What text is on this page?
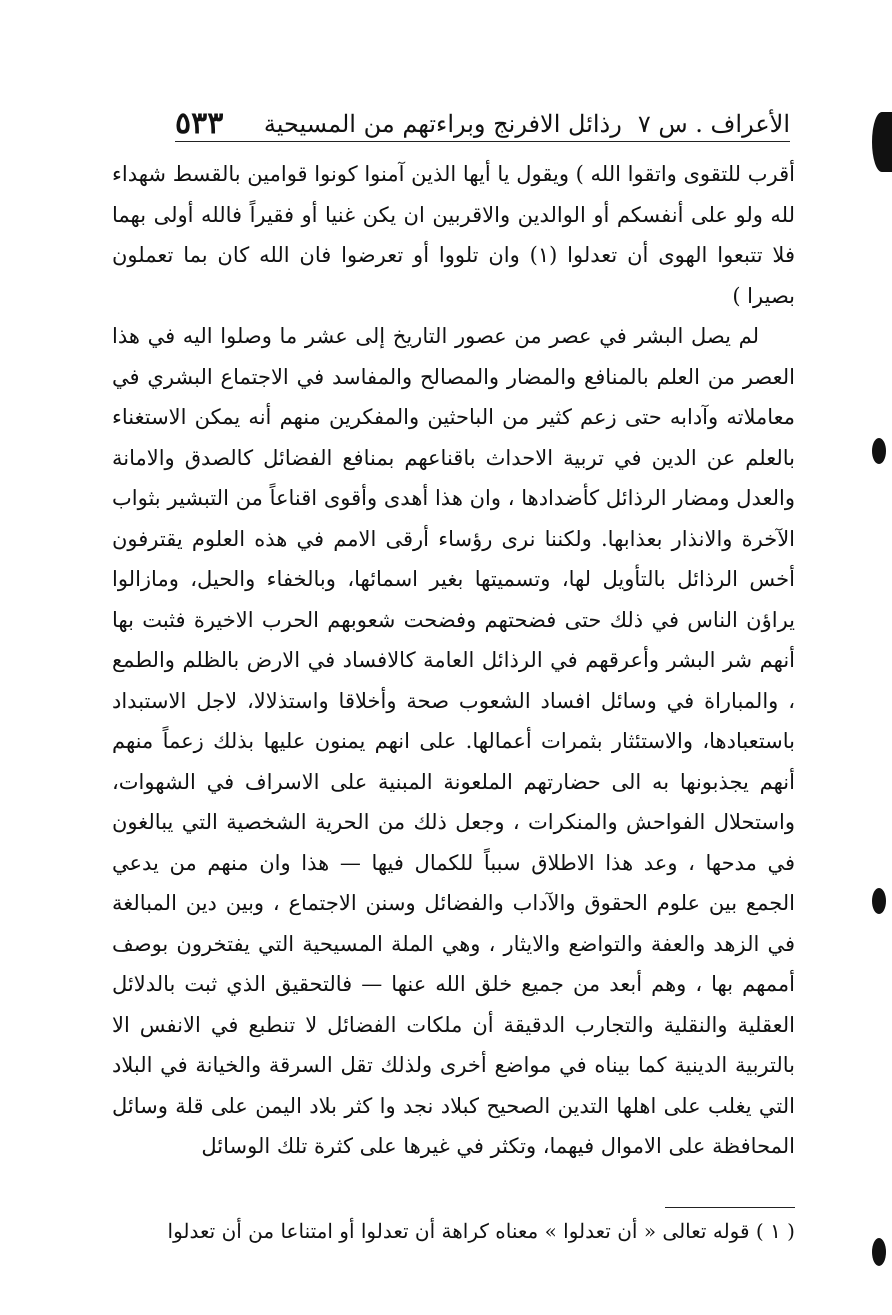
الأعراف . س ٧
رذائل الافرنج وبراءتهم من المسيحية
٥٣٣

أقرب للتقوى واتقوا الله ) ويقول يا أيها الذين آمنوا كونوا قوامين بالقسط شهداء لله ولو على أنفسكم أو الوالدين والاقربين ان يكن غنيا أو فقيراً فالله أولى بهما فلا تتبعوا الهوى أن تعدلوا (١) وان تلووا أو تعرضوا فان الله كان بما تعملون بصيرا )

لم يصل البشر في عصر من عصور التاريخ إلى عشر ما وصلوا اليه في هذا العصر من العلم بالمنافع والمضار والمصالح والمفاسد في الاجتماع البشري في معاملاته وآدابه حتى زعم كثير من الباحثين والمفكرين منهم أنه يمكن الاستغناء بالعلم عن الدين في تربية الاحداث باقناعهم بمنافع الفضائل كالصدق والامانة والعدل ومضار الرذائل كأضدادها ، وان هذا أهدى وأقوى اقناعاً من التبشير بثواب الآخرة والانذار بعذابها. ولكننا نرى رؤساء أرقى الامم في هذه العلوم يقترفون أخس الرذائل بالتأويل لها، وتسميتها بغير اسمائها، وبالخفاء والحيل، ومازالوا يراؤن الناس في ذلك حتى فضحتهم وفضحت شعوبهم الحرب الاخيرة فثبت بها أنهم شر البشر وأعرقهم في الرذائل العامة كالافساد في الارض بالظلم والطمع ، والمباراة في وسائل افساد الشعوب صحة وأخلاقا واستذلالا، لاجل الاستبداد باستعبادها، والاستئثار بثمرات أعمالها. على انهم يمنون عليها بذلك زعماً منهم أنهم يجذبونها به الى حضارتهم الملعونة المبنية على الاسراف في الشهوات، واستحلال الفواحش والمنكرات ، وجعل ذلك من الحرية الشخصية التي يبالغون في مدحها ، وعد هذا الاطلاق سبباً للكمال فيها — هذا وان منهم من يدعي الجمع بين علوم الحقوق والآداب والفضائل وسنن الاجتماع ، وبين دين المبالغة في الزهد والعفة والتواضع والايثار ، وهي الملة المسيحية التي يفتخرون بوصف أممهم بها ، وهم أبعد من جميع خلق الله عنها — فالتحقيق الذي ثبت بالدلائل العقلية والنقلية والتجارب الدقيقة أن ملكات الفضائل لا تنطبع في الانفس الا بالتربية الدينية كما بيناه في مواضع أخرى ولذلك تقل السرقة والخيانة في البلاد التي يغلب على اهلها التدين الصحيح كبلاد نجد وا كثر بلاد اليمن على قلة وسائل المحافظة على الاموال فيهما، وتكثر في غيرها على كثرة تلك الوسائل

( ١ ) قوله تعالى « أن تعدلوا » معناه كراهة أن تعدلوا أو امتناعا من أن تعدلوا
